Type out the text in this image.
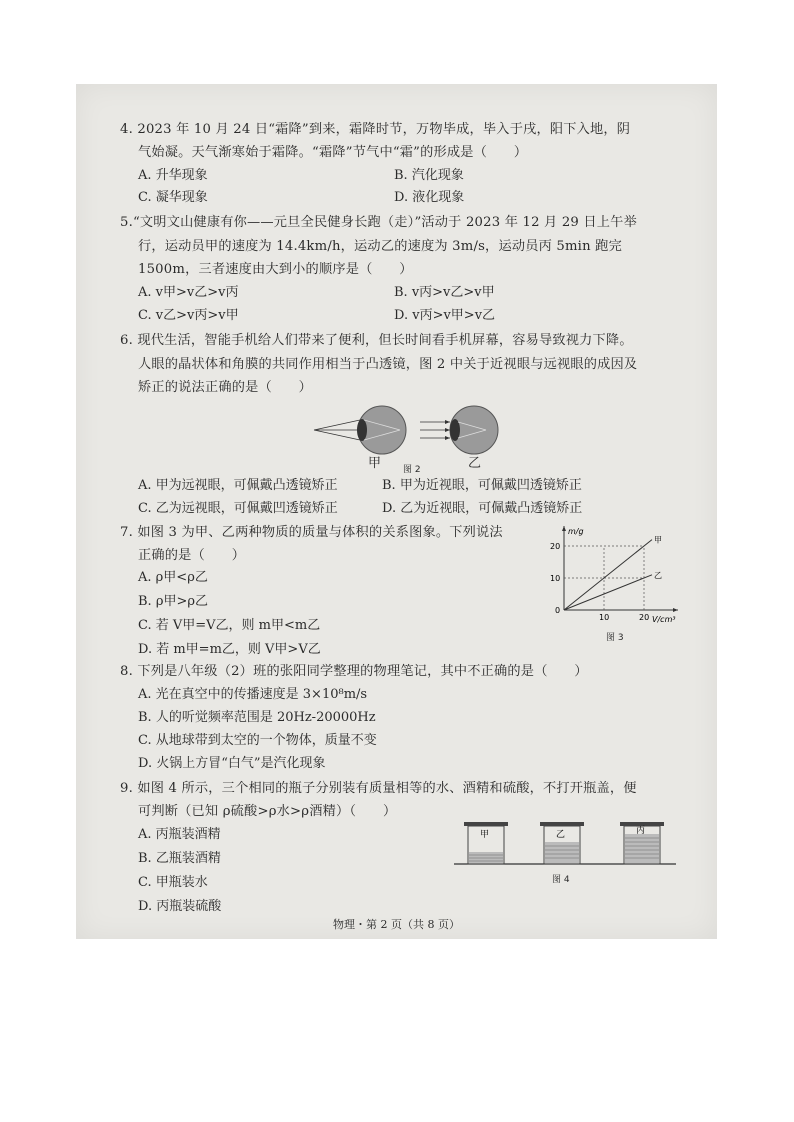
4. 2023 年 10 月 24 日“霜降”到来，霜降时节，万物毕成，毕入于戌，阳下入地，阴
气始凝。天气渐寒始于霜降。“霜降”节气中“霜”的形成是（　　）
A. 升华现象	B. 汽化现象
C. 凝华现象	D. 液化现象
5.“文明文山健康有你——元旦全民健身长跑（走）”活动于 2023 年 12 月 29 日上午举
行，运动员甲的速度为 14.4km/h，运动乙的速度为 3m/s，运动员丙 5min 跑完
1500m，三者速度由大到小的顺序是（　　）
A. v甲>v乙>v丙	B. v丙>v乙>v甲
C. v乙>v丙>v甲	D. v丙>v甲>v乙
6. 现代生活，智能手机给人们带来了便利，但长时间看手机屏幕，容易导致视力下降。
人眼的晶状体和角膜的共同作用相当于凸透镜，图 2 中关于近视眼与远视眼的成因及
矫正的说法正确的是（　　）
甲 图 2	乙
A. 甲为远视眼，可佩戴凸透镜矫正	B. 甲为近视眼，可佩戴凹透镜矫正
C. 乙为远视眼，可佩戴凹透镜矫正	D. 乙为近视眼，可佩戴凸透镜矫正
7. 如图 3 为甲、乙两种物质的质量与体积的关系图象。下列说法
正确的是（　　）
A. ρ甲<ρ乙
B. ρ甲>ρ乙
C. 若 V甲=V乙，则 m甲<m乙
D. 若 m甲=m乙，则 V甲>V乙
甲
乙
0
10	20
10
20
m/g
V/cm³
图 3
8. 下列是八年级（2）班的张阳同学整理的物理笔记，其中不正确的是（　　）
A. 光在真空中的传播速度是 3×10⁸m/s
B. 人的听觉频率范围是 20Hz-20000Hz
C. 从地球带到太空的一个物体，质量不变
D. 火锅上方冒“白气”是汽化现象
9. 如图 4 所示，三个相同的瓶子分别装有质量相等的水、酒精和硫酸，不打开瓶盖，便
可判断（已知 ρ硫酸>ρ水>ρ酒精）（　　）
A. 丙瓶装酒精
B. 乙瓶装酒精
C. 甲瓶装水
D. 丙瓶装硫酸
甲	乙	丙
图 4
物理・第 2 页（共 8 页）
